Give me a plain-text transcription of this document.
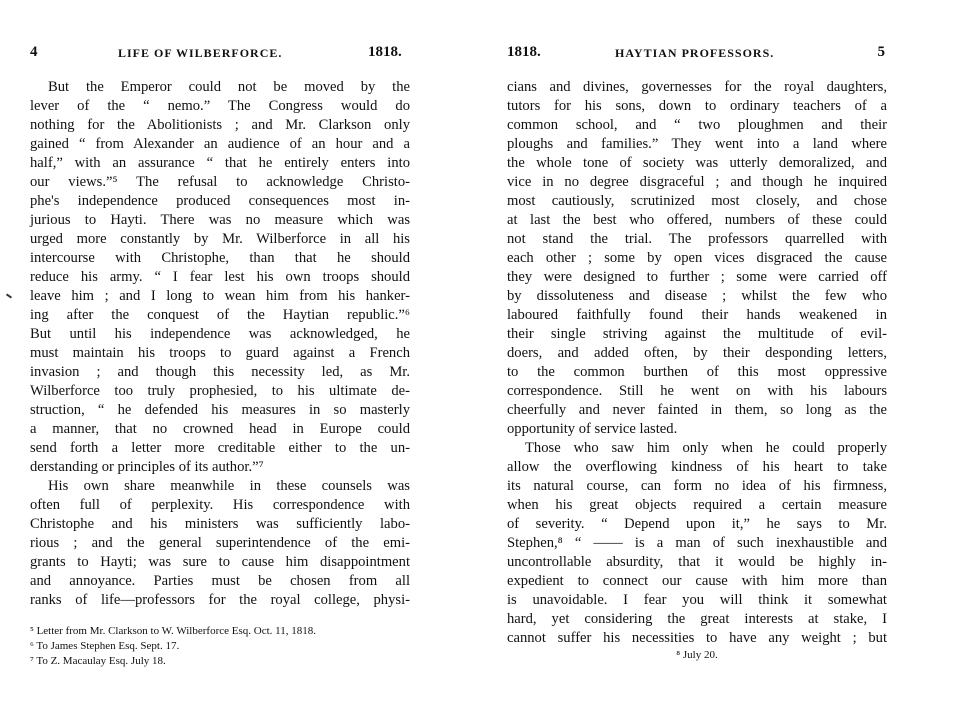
4	LIFE OF WILBERFORCE.	1818.
But the Emperor could not be moved by the
lever of the “ nemo.” The Congress would do
nothing for the Abolitionists ; and Mr. Clarkson only
gained “ from Alexander an audience of an hour and a
half,” with an assurance “ that he entirely enters into
our views.”⁵ The refusal to acknowledge Christo-
phe's independence produced consequences most in-
jurious to Hayti. There was no measure which was
urged more constantly by Mr. Wilberforce in all his
intercourse with Christophe, than that he should
reduce his army. “ I fear lest his own troops should
leave him ; and I long to wean him from his hanker-
ing after the conquest of the Haytian republic.”⁶
But until his independence was acknowledged, he
must maintain his troops to guard against a French
invasion ; and though this necessity led, as Mr.
Wilberforce too truly prophesied, to his ultimate de-
struction, “ he defended his measures in so masterly
a manner, that no crowned head in Europe could
send forth a letter more creditable either to the un-
derstanding or principles of its author.”⁷
His own share meanwhile in these counsels was
often full of perplexity. His correspondence with
Christophe and his ministers was sufficiently labo-
rious ; and the general superintendence of the emi-
grants to Hayti; was sure to cause him disappointment
and annoyance. Parties must be chosen from all
ranks of life—professors for the royal college, physi-
⁵ Letter from Mr. Clarkson to W. Wilberforce Esq. Oct. 11, 1818.
⁶ To James Stephen Esq. Sept. 17.
⁷ To Z. Macaulay Esq. July 18.
1818.	HAYTIAN PROFESSORS.	5
cians and divines, governesses for the royal daughters,
tutors for his sons, down to ordinary teachers of a
common school, and “ two ploughmen and their
ploughs and families.” They went into a land where
the whole tone of society was utterly demoralized, and
vice in no degree disgraceful ; and though he inquired
most cautiously, scrutinized most closely, and chose
at last the best who offered, numbers of these could
not stand the trial. The professors quarrelled with
each other ; some by open vices disgraced the cause
they were designed to further ; some were carried off
by dissoluteness and disease ; whilst the few who
laboured faithfully found their hands weakened in
their single striving against the multitude of evil-
doers, and added often, by their desponding letters,
to the common burthen of this most oppressive
correspondence. Still he went on with his labours
cheerfully and never fainted in them, so long as the
opportunity of service lasted.
Those who saw him only when he could properly
allow the overflowing kindness of his heart to take
its natural course, can form no idea of his firmness,
when his great objects required a certain measure
of severity. “ Depend upon it,” he says to Mr.
Stephen,⁸ “ —— is a man of such inexhaustible and
uncontrollable absurdity, that it would be highly in-
expedient to connect our cause with him more than
is unavoidable. I fear you will think it somewhat
hard, yet considering the great interests at stake, I
cannot suffer his necessities to have any weight ; but
⁸ July 20.
